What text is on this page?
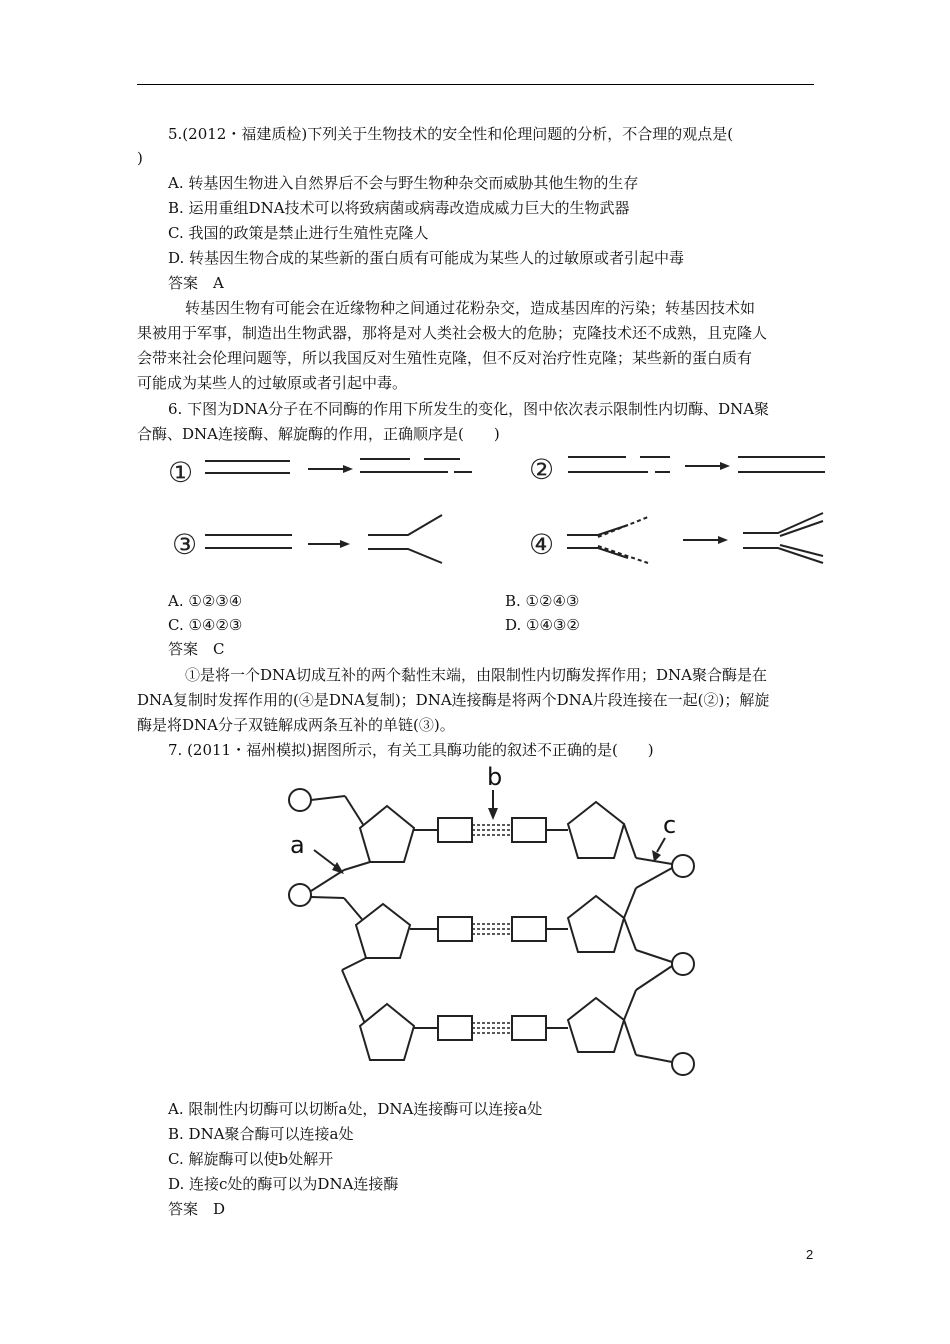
5.(2012・福建质检)下列关于生物技术的安全性和伦理问题的分析，不合理的观点是(
)
A. 转基因生物进入自然界后不会与野生物种杂交而威胁其他生物的生存
B. 运用重组DNA技术可以将致病菌或病毒改造成威力巨大的生物武器
C. 我国的政策是禁止进行生殖性克隆人
D. 转基因生物合成的某些新的蛋白质有可能成为某些人的过敏原或者引起中毒
答案　A
转基因生物有可能会在近缘物种之间通过花粉杂交，造成基因库的污染；转基因技术如
果被用于军事，制造出生物武器，那将是对人类社会极大的危胁；克隆技术还不成熟，且克隆人
会带来社会伦理问题等，所以我国反对生殖性克隆，但不反对治疗性克隆；某些新的蛋白质有
可能成为某些人的过敏原或者引起中毒。
6. 下图为DNA分子在不同酶的作用下所发生的变化，图中依次表示限制性内切酶、DNA聚
合酶、DNA连接酶、解旋酶的作用，正确顺序是(　　)
①	②
③	④
A. ①②③④	B. ①②④③
C. ①④②③	D. ①④③②
答案　C
①是将一个DNA切成互补的两个黏性末端，由限制性内切酶发挥作用；DNA聚合酶是在
DNA复制时发挥作用的(④是DNA复制)；DNA连接酶是将两个DNA片段连接在一起(②)；解旋
酶是将DNA分子双链解成两条互补的单链(③)。
7. (2011・福州模拟)据图所示，有关工具酶功能的叙述不正确的是(　　)
b
a
c
A. 限制性内切酶可以切断a处，DNA连接酶可以连接a处
B. DNA聚合酶可以连接a处
C. 解旋酶可以使b处解开
D. 连接c处的酶可以为DNA连接酶
答案　D
2
